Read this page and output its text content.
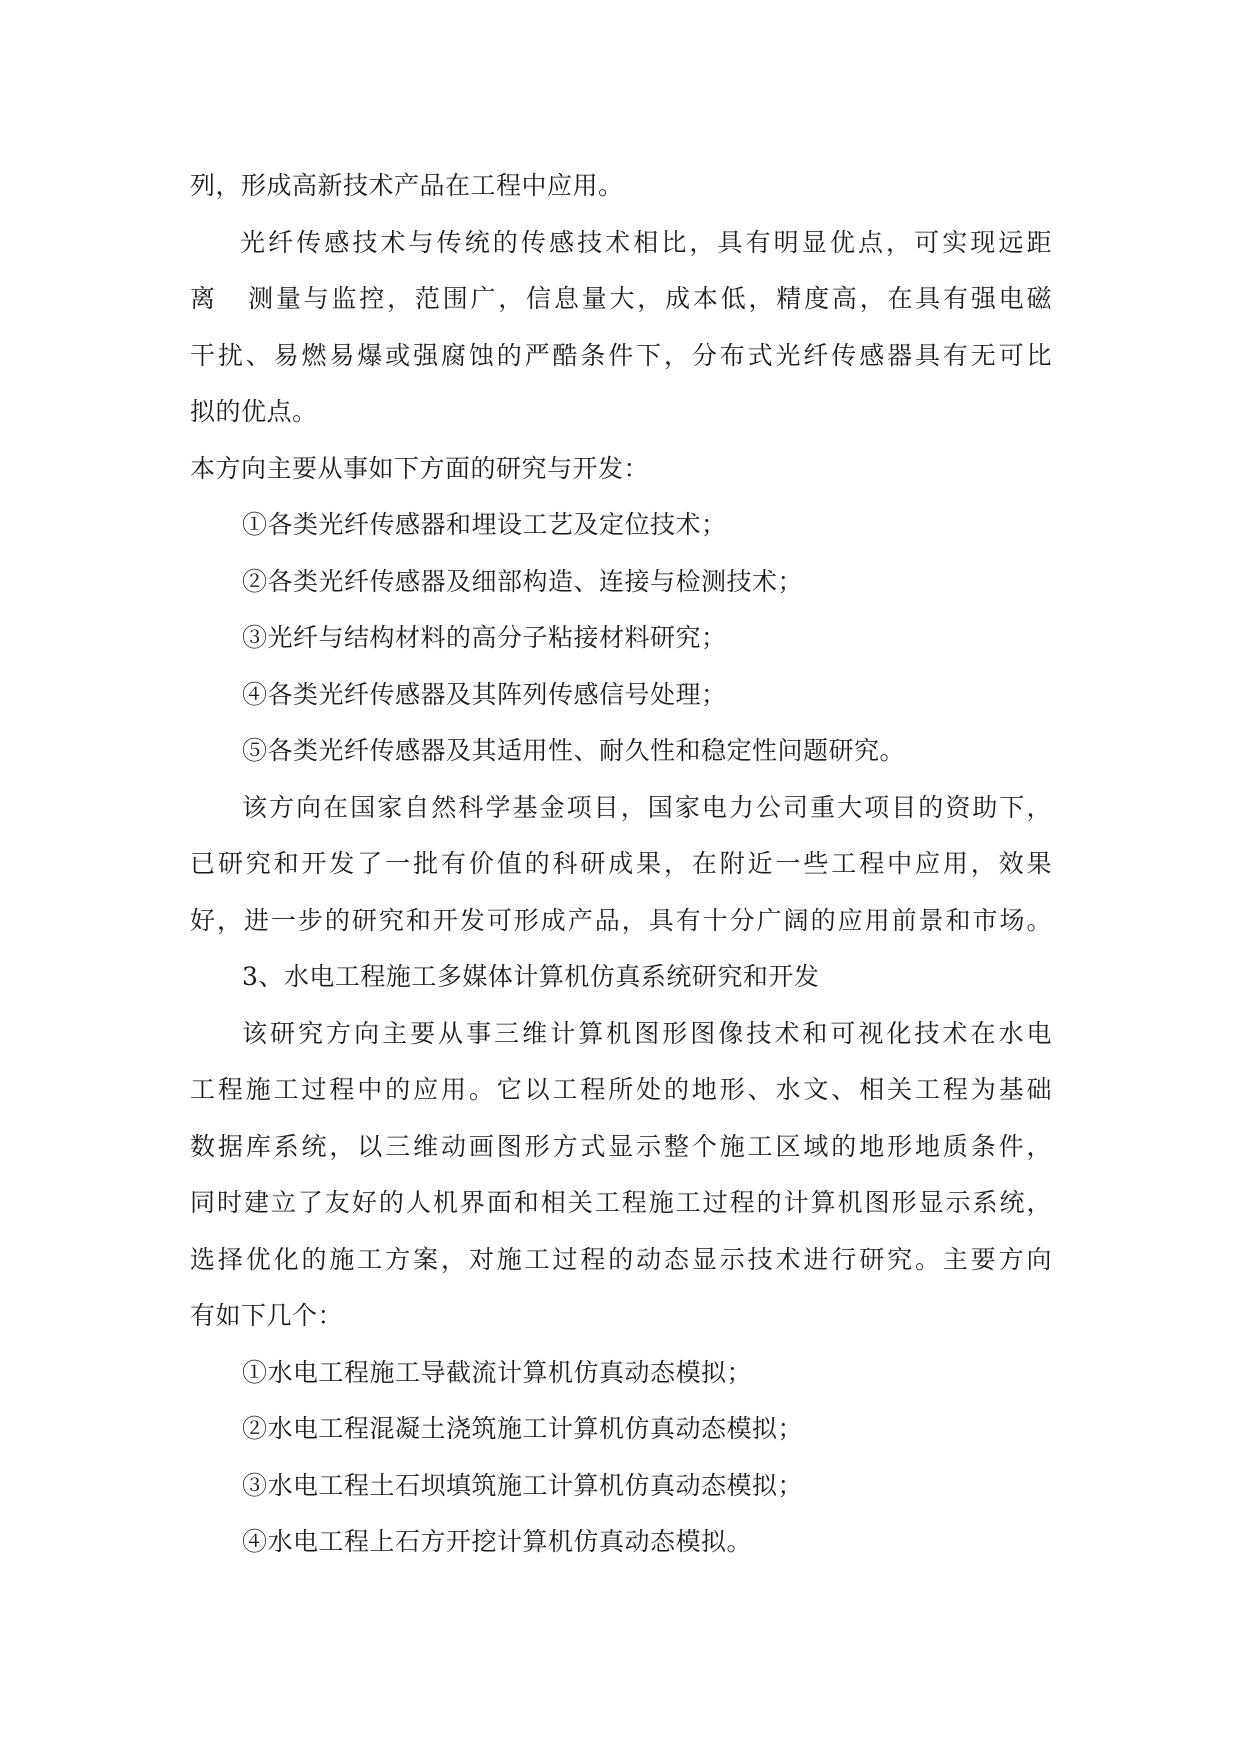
列，形成高新技术产品在工程中应用。
光纤传感技术与传统的传感技术相比，具有明显优点，可实现远距
离 测量与监控，范围广，信息量大，成本低，精度高，在具有强电磁
干扰、易燃易爆或强腐蚀的严酷条件下，分布式光纤传感器具有无可比
拟的优点。
本方向主要从事如下方面的研究与开发：
①各类光纤传感器和埋设工艺及定位技术；
②各类光纤传感器及细部构造、连接与检测技术；
③光纤与结构材料的高分子粘接材料研究；
④各类光纤传感器及其阵列传感信号处理；
⑤各类光纤传感器及其适用性、耐久性和稳定性问题研究。
该方向在国家自然科学基金项目，国家电力公司重大项目的资助下，
已研究和开发了一批有价值的科研成果，在附近一些工程中应用，效果
好，进一步的研究和开发可形成产品，具有十分广阔的应用前景和市场。
3、水电工程施工多媒体计算机仿真系统研究和开发
该研究方向主要从事三维计算机图形图像技术和可视化技术在水电
工程施工过程中的应用。它以工程所处的地形、水文、相关工程为基础
数据库系统，以三维动画图形方式显示整个施工区域的地形地质条件，
同时建立了友好的人机界面和相关工程施工过程的计算机图形显示系统，
选择优化的施工方案，对施工过程的动态显示技术进行研究。主要方向
有如下几个：
①水电工程施工导截流计算机仿真动态模拟；
②水电工程混凝土浇筑施工计算机仿真动态模拟；
③水电工程土石坝填筑施工计算机仿真动态模拟；
④水电工程上石方开挖计算机仿真动态模拟。
